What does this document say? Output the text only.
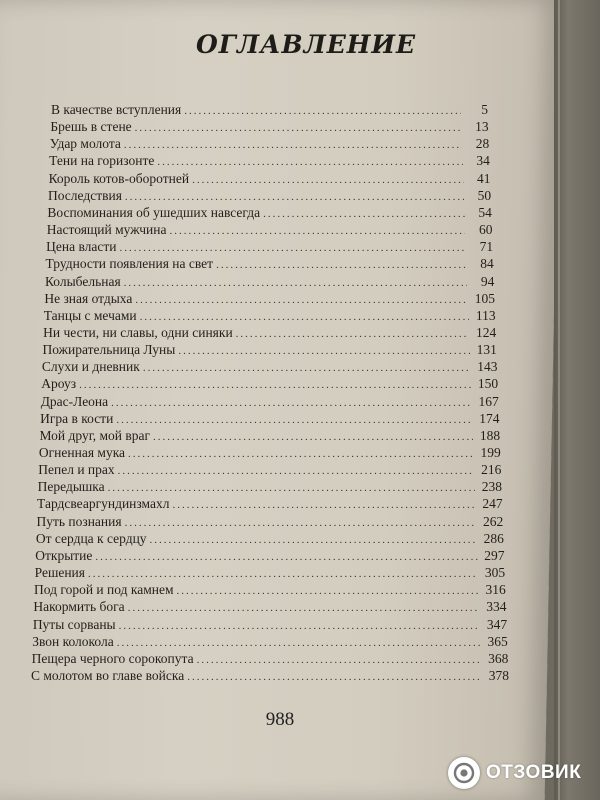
ОГЛАВЛЕНИЕ
В качестве вступления .....	5
Брешь в стене .....	13
Удар молота .....	28
Тени на горизонте .....	34
Король котов-оборотней .....	41
Последствия .....	50
Воспоминания об ушедших навсегда .....	54
Настоящий мужчина .....	60
Цена власти .....	71
Трудности появления на свет .....	84
Колыбельная .....	94
Не зная отдыха .....	105
Танцы с мечами .....	113
Ни чести, ни славы, одни синяки .....	124
Пожирательница Луны .....	131
Слухи и дневник .....	143
Ароуз .....	150
Драс-Леона .....	167
Игра в кости .....	174
Мой друг, мой враг .....	188
Огненная мука .....	199
Пепел и прах .....	216
Передышка .....	238
Тардсвеаргундинзмахл .....	247
Путь познания .....	262
От сердца к сердцу .....	286
Открытие .....	297
Решения .....	305
Под горой и под камнем .....	316
Накормить бога .....	334
Путы сорваны .....	347
Звон колокола .....	365
Пещера черного сорокопута .....	368
С молотом во главе войска .....	378
988
ОТЗОВИК
